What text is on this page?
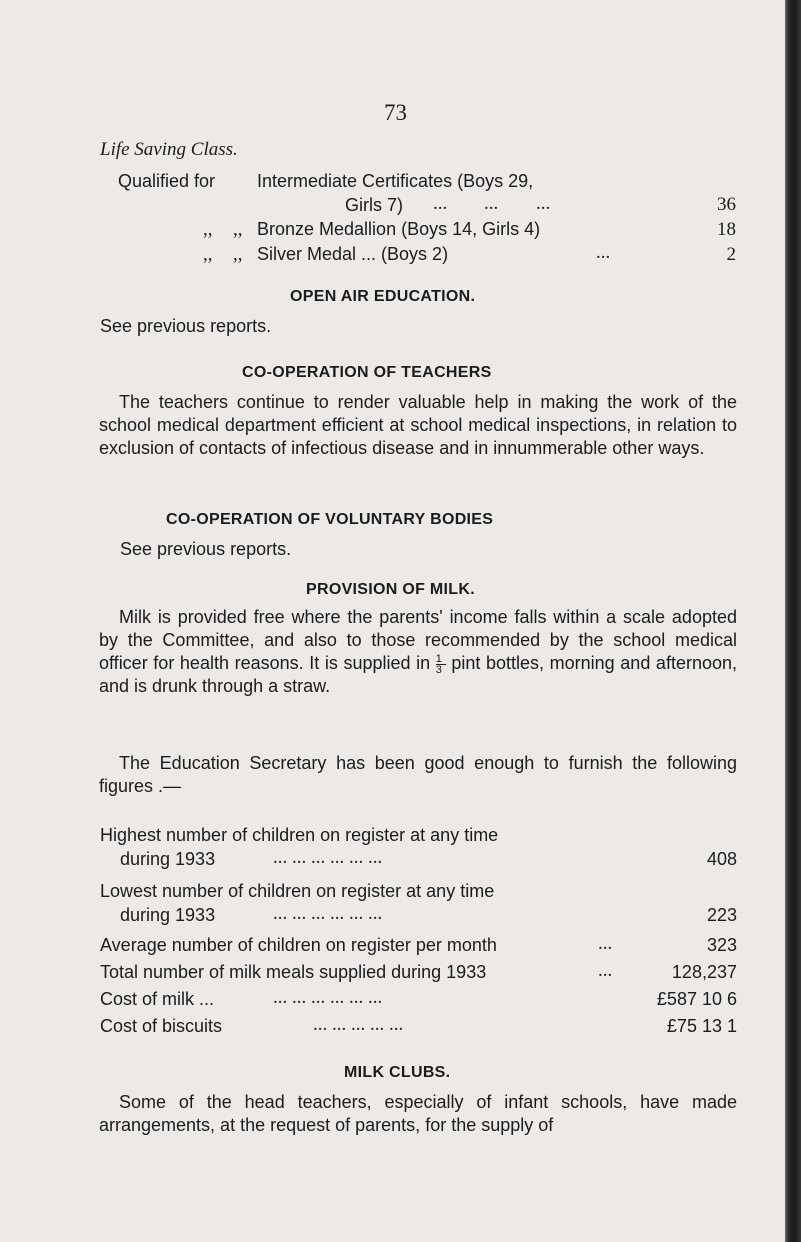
73
Life Saving Class.
Qualified for Intermediate Certificates (Boys 29,
Girls 7) ... ... ...	36
,, ,, Bronze Medallion (Boys 14, Girls 4)	18
,, ,, Silver Medal ... (Boys 2)	...	2
OPEN AIR EDUCATION.
See previous reports.
CO-OPERATION OF TEACHERS
The teachers continue to render valuable help in making the work of the school medical department efficient at school medical inspections, in relation to exclusion of contacts of infectious disease and in innummerable other ways.
CO-OPERATION OF VOLUNTARY BODIES
See previous reports.
PROVISION OF MILK.
Milk is provided free where the parents' income falls within a scale adopted by the Committee, and also to those recommended by the school medical officer for health reasons. It is supplied in $\frac{1}{3}$ pint bottles, morning and afternoon, and is drunk through a straw.
The Education Secretary has been good enough to furnish the following figures .—
Highest number of children on register at any time
during 1933	... ... ... ... ... ...	408
Lowest number of children on register at any time
during 1933	... ... ... ... ... ...	223
Average number of children on register per month	...	323
Total number of milk meals supplied during 1933	...	128,237
Cost of milk ...	... ... ... ... ... ...	£587 10 6
Cost of biscuits	... ... ... ... ...	£75 13 1
MILK CLUBS.
Some of the head teachers, especially of infant schools, have made arrangements, at the request of parents, for the supply of
